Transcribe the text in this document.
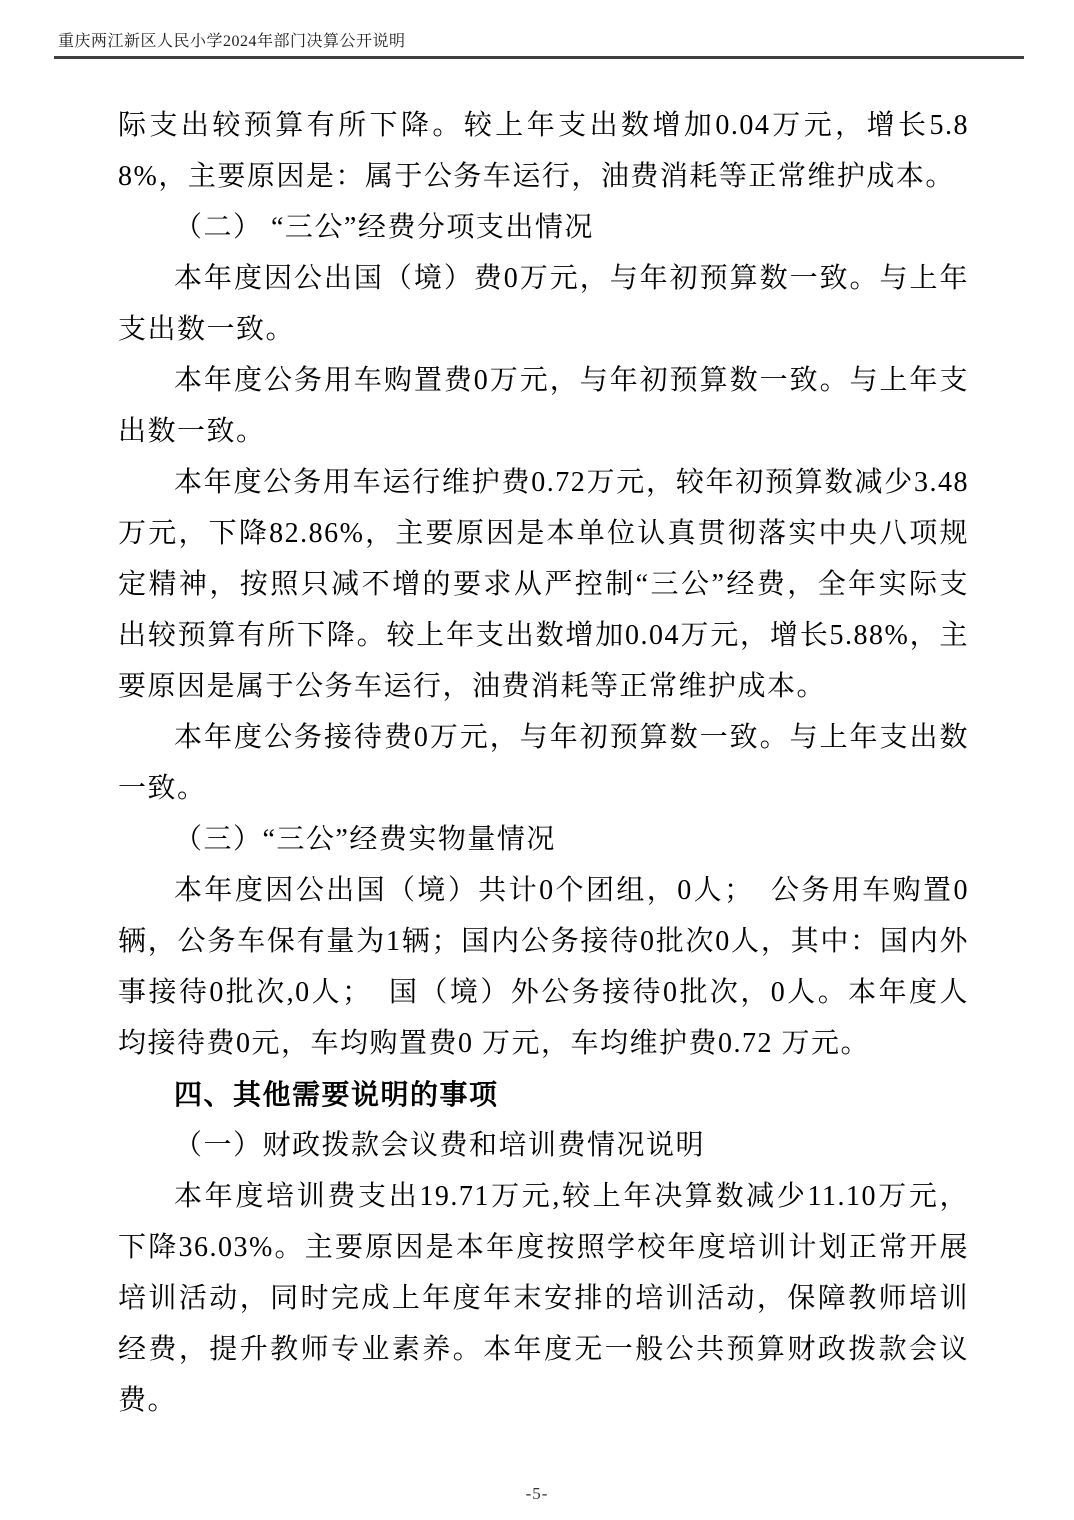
重庆两江新区人民小学2024年部门决算公开说明

际支出较预算有所下降。较上年支出数增加0.04万元，增长5.88%，主要原因是：属于公务车运行，油费消耗等正常维护成本。

（二） “三公”经费分项支出情况

本年度因公出国（境）费0万元，与年初预算数一致。与上年支出数一致。

本年度公务用车购置费0万元，与年初预算数一致。与上年支出数一致。

本年度公务用车运行维护费0.72万元，较年初预算数减少3.48万元，下降82.86%，主要原因是本单位认真贯彻落实中央八项规定精神，按照只减不增的要求从严控制“三公”经费，全年实际支出较预算有所下降。较上年支出数增加0.04万元，增长5.88%，主要原因是属于公务车运行，油费消耗等正常维护成本。

本年度公务接待费0万元，与年初预算数一致。与上年支出数一致。

（三）“三公”经费实物量情况

本年度因公出国（境）共计0个团组，0人；　公务用车购置0辆，公务车保有量为1辆；国内公务接待0批次0人，其中：国内外事接待0批次,0人；　国（境）外公务接待0批次，0人。本年度人均接待费0元，车均购置费0 万元，车均维护费0.72 万元。

四、其他需要说明的事项

（一）财政拨款会议费和培训费情况说明

本年度培训费支出19.71万元,较上年决算数减少11.10万元，下降36.03%。主要原因是本年度按照学校年度培训计划正常开展培训活动，同时完成上年度年末安排的培训活动，保障教师培训经费，提升教师专业素养。本年度无一般公共预算财政拨款会议费。

-5-
